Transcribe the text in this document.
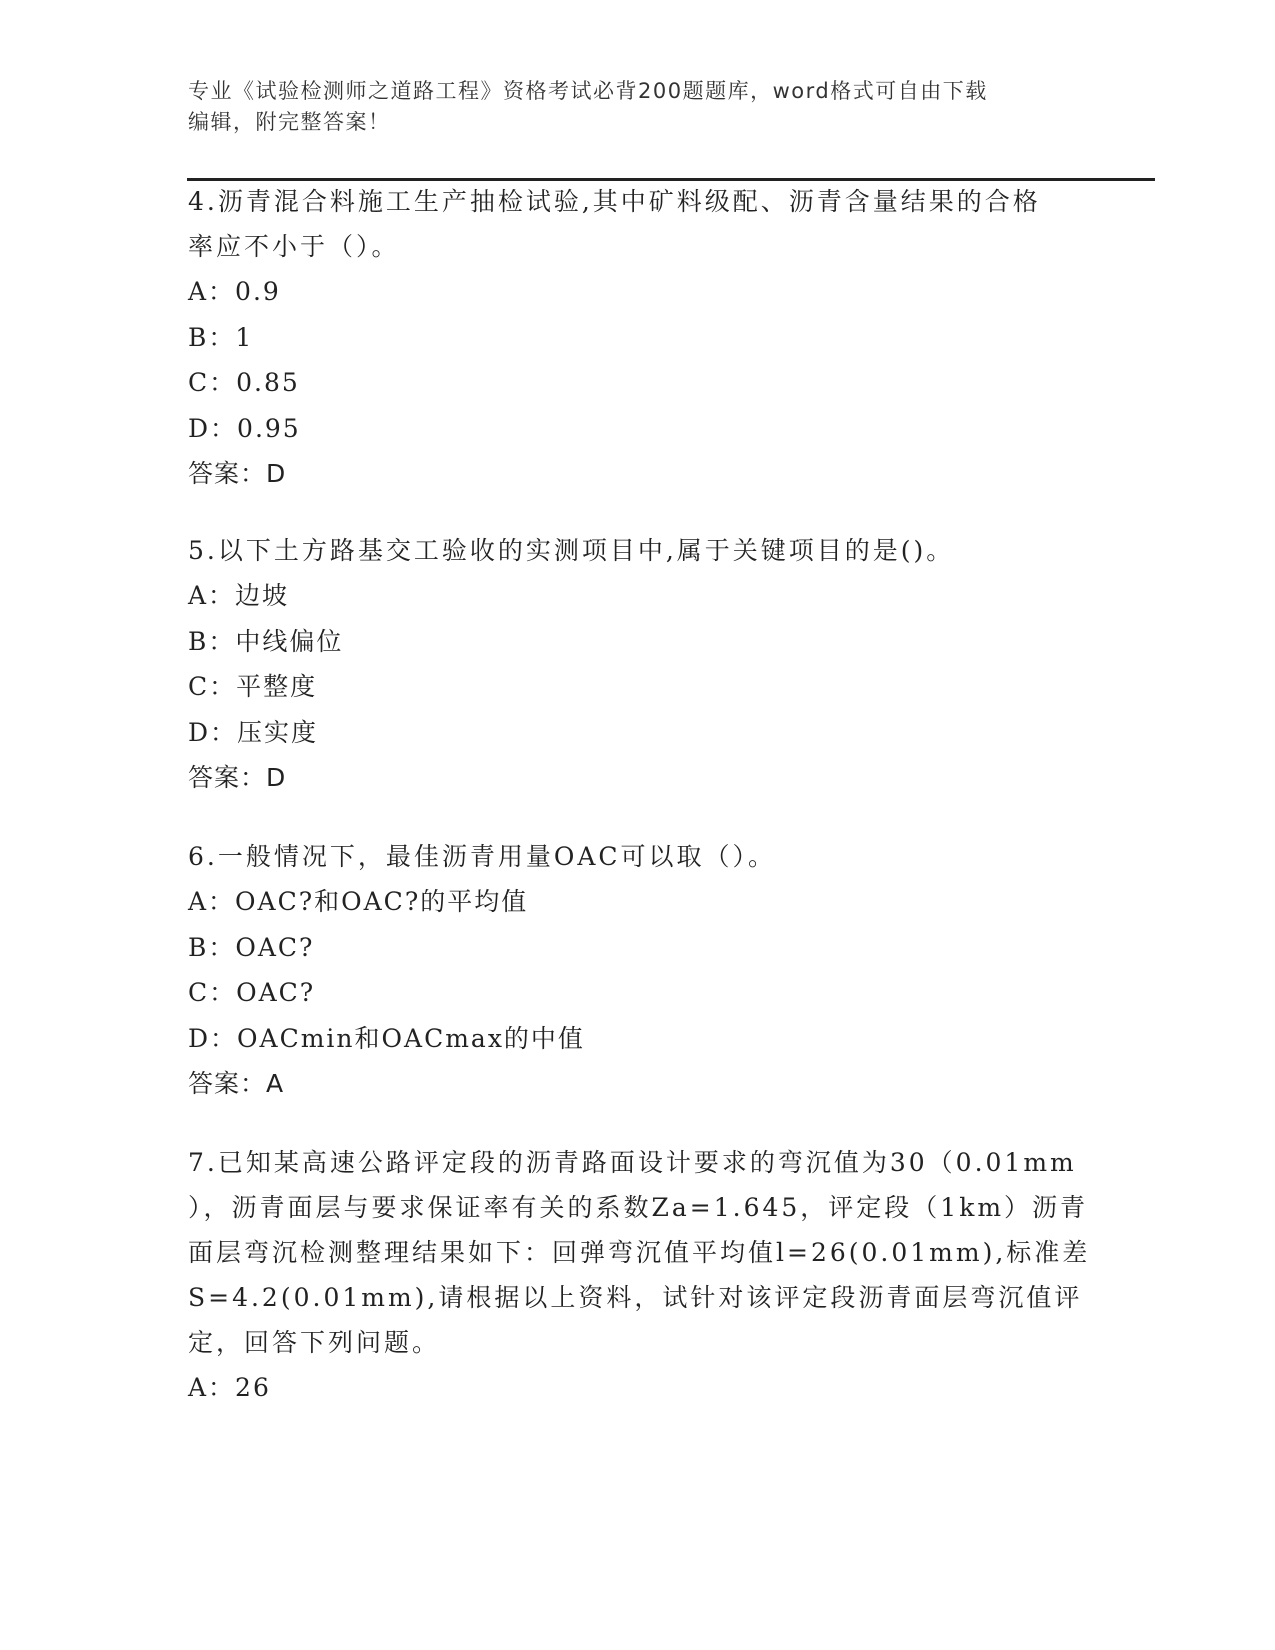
专业《试验检测师之道路工程》资格考试必背200题题库，word格式可自由下载
编辑，附完整答案！
4.沥青混合料施工生产抽检试验,其中矿料级配、沥青含量结果的合格
率应不小于（）。
A：0.9
B：1
C：0.85
D：0.95
答案：D
5.以下土方路基交工验收的实测项目中,属于关键项目的是()。
A：边坡
B：中线偏位
C：平整度
D：压实度
答案：D
6.一般情况下，最佳沥青用量OAC可以取（）。
A：OAC?和OAC?的平均值
B：OAC?
C：OAC?
D：OACmin和OACmax的中值
答案：A
7.已知某高速公路评定段的沥青路面设计要求的弯沉值为30（0.01mm
），沥青面层与要求保证率有关的系数Za=1.645，评定段（1km）沥青
面层弯沉检测整理结果如下：回弹弯沉值平均值l=26(0.01mm),标准差
S=4.2(0.01mm),请根据以上资料，试针对该评定段沥青面层弯沉值评
定，回答下列问题。
A：26
